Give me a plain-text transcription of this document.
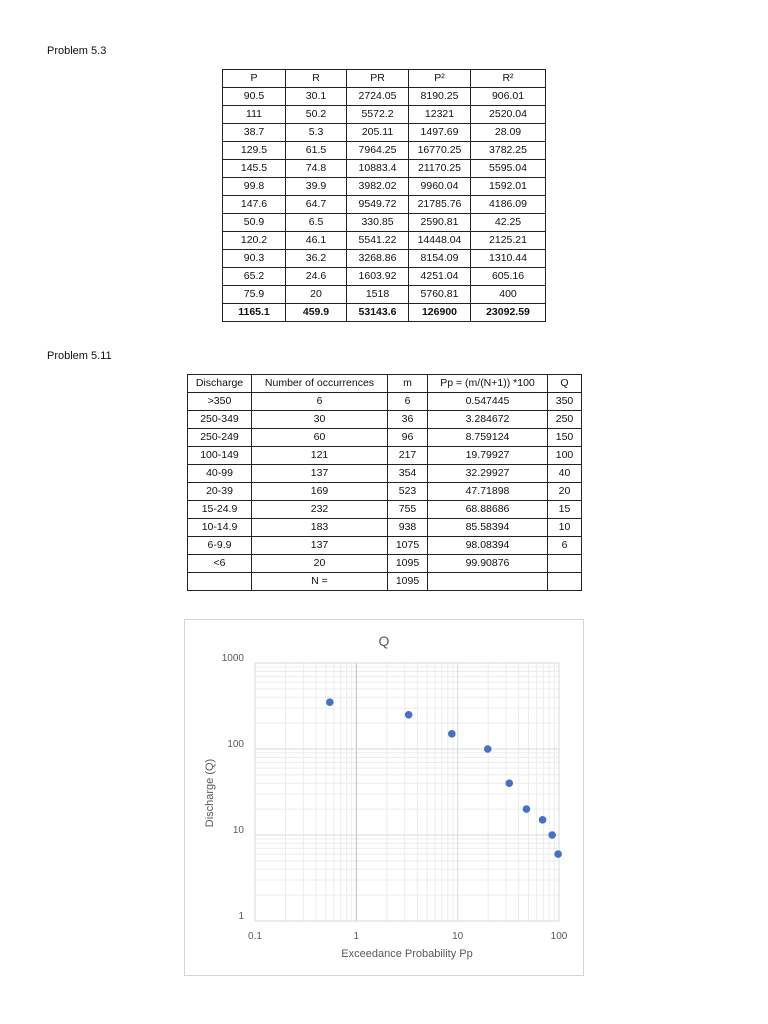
Problem 5.3
P	R	PR	P²	R²
90.5	30.1	2724.05	8190.25	906.01
111	50.2	5572.2	12321	2520.04
38.7	5.3	205.11	1497.69	28.09
129.5	61.5	7964.25	16770.25	3782.25
145.5	74.8	10883.4	21170.25	5595.04
99.8	39.9	3982.02	9960.04	1592.01
147.6	64.7	9549.72	21785.76	4186.09
50.9	6.5	330.85	2590.81	42.25
120.2	46.1	5541.22	14448.04	2125.21
90.3	36.2	3268.86	8154.09	1310.44
65.2	24.6	1603.92	4251.04	605.16
75.9	20	1518	5760.81	400
1165.1	459.9	53143.6	126900	23092.59
Problem 5.11
Discharge	Number of occurrences	m	Pp = (m/(N+1)) *100	Q
>350	6	6	0.547445	350
250-349	30	36	3.284672	250
250-249	60	96	8.759124	150
100-149	121	217	19.79927	100
40-99	137	354	32.29927	40
20-39	169	523	47.71898	20
15-24.9	232	755	68.88686	15
10-14.9	183	938	85.58394	10
6-9.9	137	1075	98.08394	6
<6	20	1095	99.90876	
	N =	1095		
0.1	1	10	100
1
10
100
1000
Q
Exceedance Probability Pp
Discharge (Q)
